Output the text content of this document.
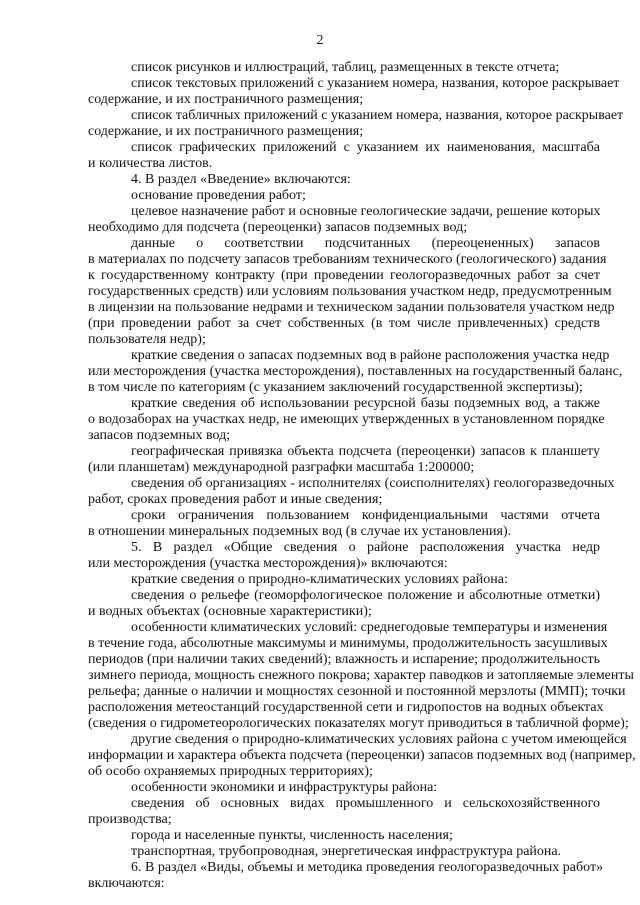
2
список рисунков и иллюстраций, таблиц, размещенных в тексте отчета;
список текстовых приложений с указанием номера, названия, которое раскрывает
содержание, и их постраничного размещения;
список табличных приложений с указанием номера, названия, которое раскрывает
содержание, и их постраничного размещения;
список графических приложений с указанием их наименования, масштаба
и количества листов.
4. В раздел «Введение» включаются:
основание проведения работ;
целевое назначение работ и основные геологические задачи, решение которых
необходимо для подсчета (переоценки) запасов подземных вод;
данные о соответствии подсчитанных (переоцененных) запасов
в материалах по подсчету запасов требованиям технического (геологического) задания
к государственному контракту (при проведении геологоразведочных работ за счет
государственных средств) или условиям пользования участком недр, предусмотренным
в лицензии на пользование недрами и техническом задании пользователя участком недр
(при проведении работ за счет собственных (в том числе привлеченных) средств
пользователя недр);
краткие сведения о запасах подземных вод в районе расположения участка недр
или месторождения (участка месторождения), поставленных на государственный баланс,
в том числе по категориям (с указанием заключений государственной экспертизы);
краткие сведения об использовании ресурсной базы подземных вод, а также
о водозаборах на участках недр, не имеющих утвержденных в установленном порядке
запасов подземных вод;
географическая привязка объекта подсчета (переоценки) запасов к планшету
(или планшетам) международной разграфки масштаба 1:200000;
сведения об организациях - исполнителях (соисполнителях) геологоразведочных
работ, сроках проведения работ и иные сведения;
сроки ограничения пользованием конфиденциальными частями отчета
в отношении минеральных подземных вод (в случае их установления).
5. В раздел «Общие сведения о районе расположения участка недр
или месторождения (участка месторождения)» включаются:
краткие сведения о природно-климатических условиях района:
сведения о рельефе (геоморфологическое положение и абсолютные отметки)
и водных объектах (основные характеристики);
особенности климатических условий: среднегодовые температуры и изменения
в течение года, абсолютные максимумы и минимумы, продолжительность засушливых
периодов (при наличии таких сведений); влажность и испарение; продолжительность
зимнего периода, мощность снежного покрова; характер паводков и затопляемые элементы
рельефа; данные о наличии и мощностях сезонной и постоянной мерзлоты (ММП); точки
расположения метеостанций государственной сети и гидропостов на водных объектах
(сведения о гидрометеорологических показателях могут приводиться в табличной форме);
другие сведения о природно-климатических условиях района с учетом имеющейся
информации и характера объекта подсчета (переоценки) запасов подземных вод (например,
об особо охраняемых природных территориях);
особенности экономики и инфраструктуры района:
сведения об основных видах промышленного и сельскохозяйственного
производства;
города и населенные пункты, численность населения;
транспортная, трубопроводная, энергетическая инфраструктура района.
6. В раздел «Виды, объемы и методика проведения геологоразведочных работ»
включаются:
